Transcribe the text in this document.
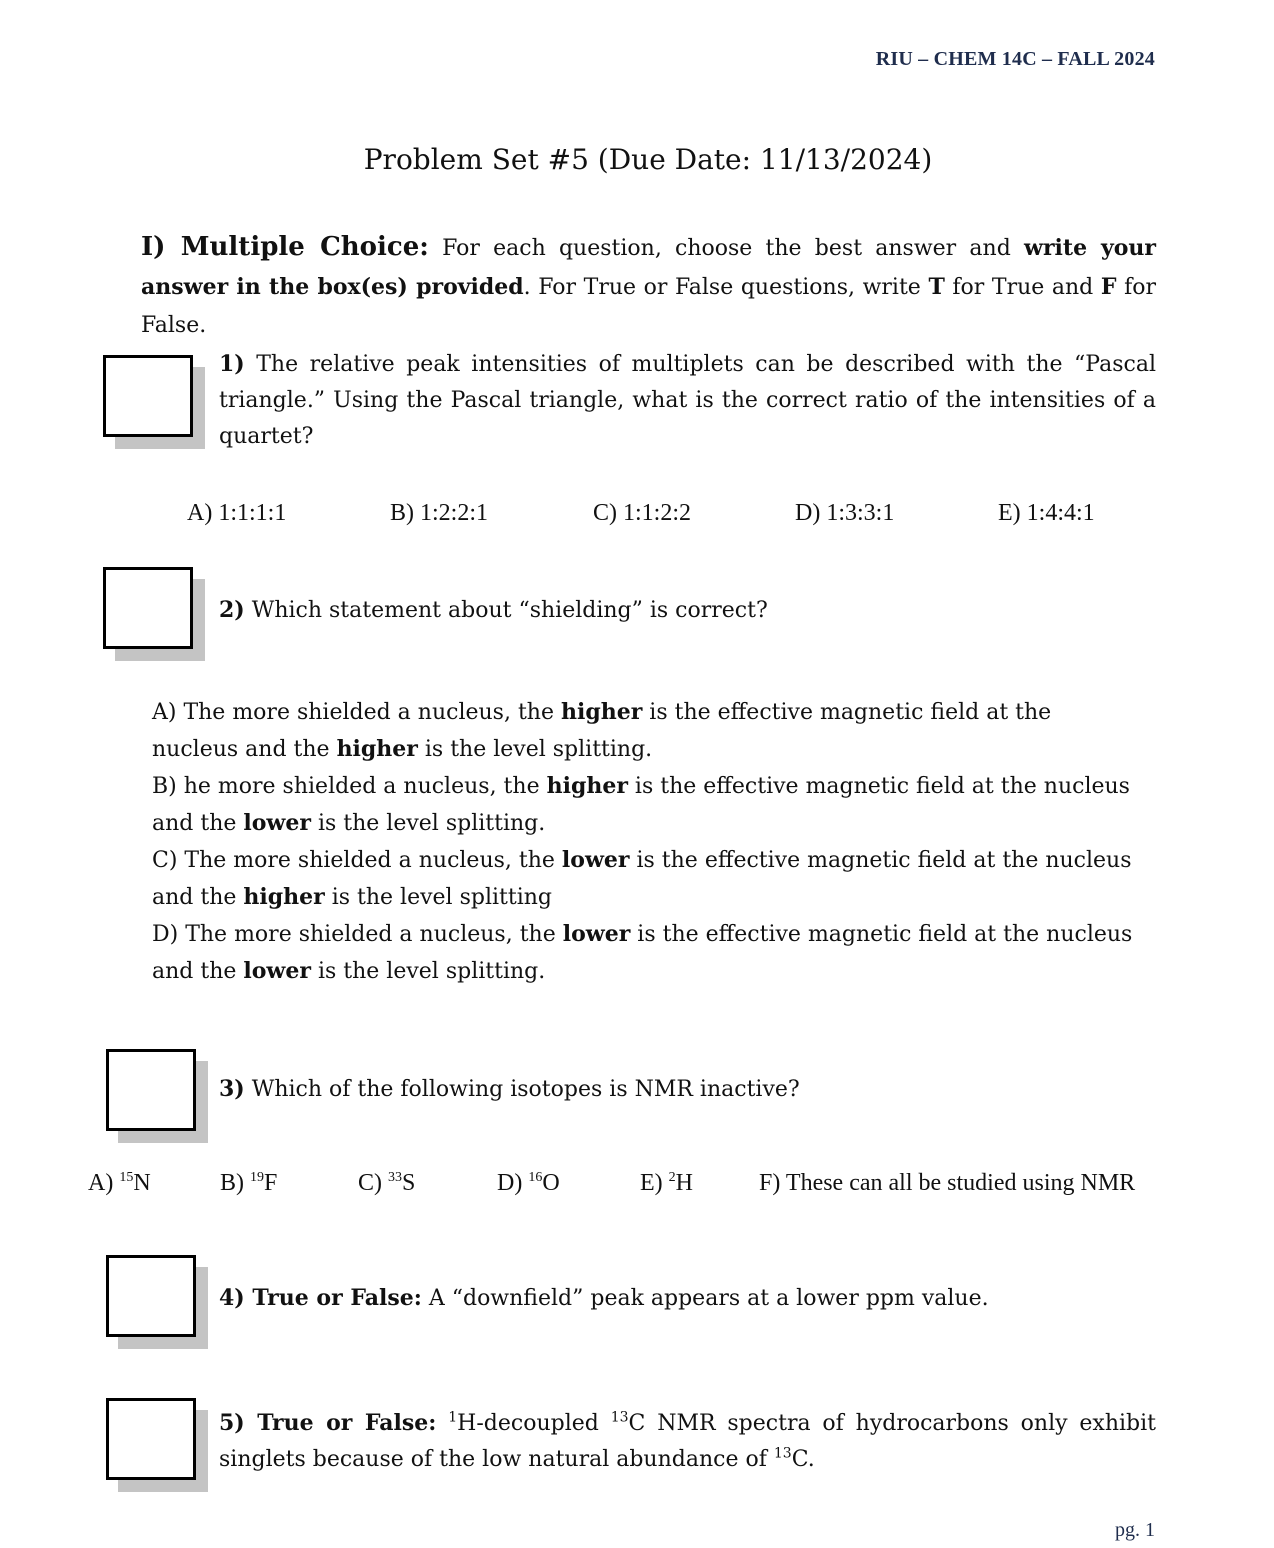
RIU – CHEM 14C – FALL 2024
Problem Set #5 (Due Date: 11/13/2024)
I) Multiple Choice: For each question, choose the best answer and write your answer in the box(es) provided. For True or False questions, write T for True and F for False.
1) The relative peak intensities of multiplets can be described with the “Pascal triangle.” Using the Pascal triangle, what is the correct ratio of the intensities of a quartet?
A) 1:1:1:1	B) 1:2:2:1	C) 1:1:2:2	D) 1:3:3:1	E) 1:4:4:1
2) Which statement about “shielding” is correct?
A) The more shielded a nucleus, the higher is the effective magnetic field at the nucleus and the higher is the level splitting.
B) he more shielded a nucleus, the higher is the effective magnetic field at the nucleus and the lower is the level splitting.
C) The more shielded a nucleus, the lower is the effective magnetic field at the nucleus and the higher is the level splitting
D) The more shielded a nucleus, the lower is the effective magnetic field at the nucleus and the lower is the level splitting.
3) Which of the following isotopes is NMR inactive?
A) $^{15}$N	B) $^{19}$F	C) $^{33}$S	D) $^{16}$O	E) $^2$H	F) These can all be studied using NMR
4) True or False: A “downfield” peak appears at a lower ppm value.
5) True or False: $^1$H-decoupled $^{13}$C NMR spectra of hydrocarbons only exhibit singlets because of the low natural abundance of $^{13}$C.
pg. 1
